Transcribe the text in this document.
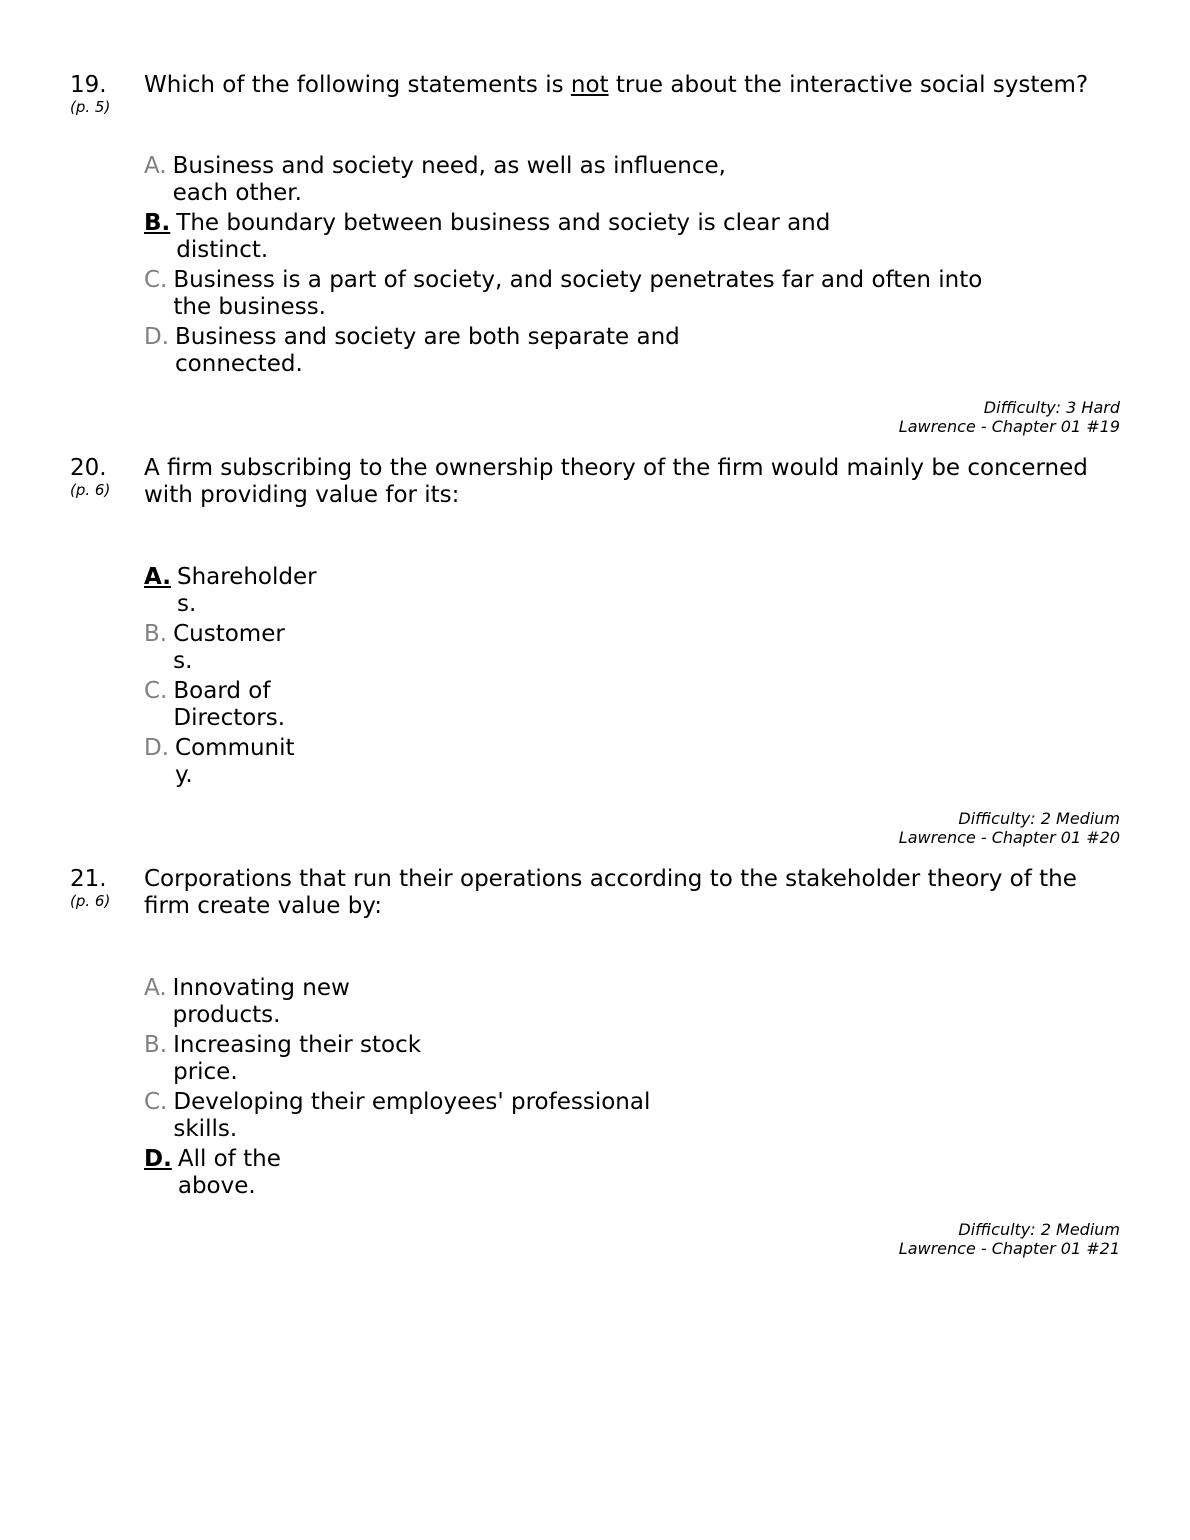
19.
(p. 5)
Which of the following statements is not true about the interactive social system?
A. Business and society need, as well as influence, each other.
B. The boundary between business and society is clear and distinct.
C. Business is a part of society, and society penetrates far and often into the business.
D. Business and society are both separate and connected.
Difficulty: 3 Hard
Lawrence - Chapter 01 #19
20.
(p. 6)
A firm subscribing to the ownership theory of the firm would mainly be concerned with providing value for its:
A. Shareholders.
B. Customers.
C. Board of Directors.
D. Community.
Difficulty: 2 Medium
Lawrence - Chapter 01 #20
21.
(p. 6)
Corporations that run their operations according to the stakeholder theory of the firm create value by:
A. Innovating new products.
B. Increasing their stock price.
C. Developing their employees' professional skills.
D. All of the above.
Difficulty: 2 Medium
Lawrence - Chapter 01 #21
